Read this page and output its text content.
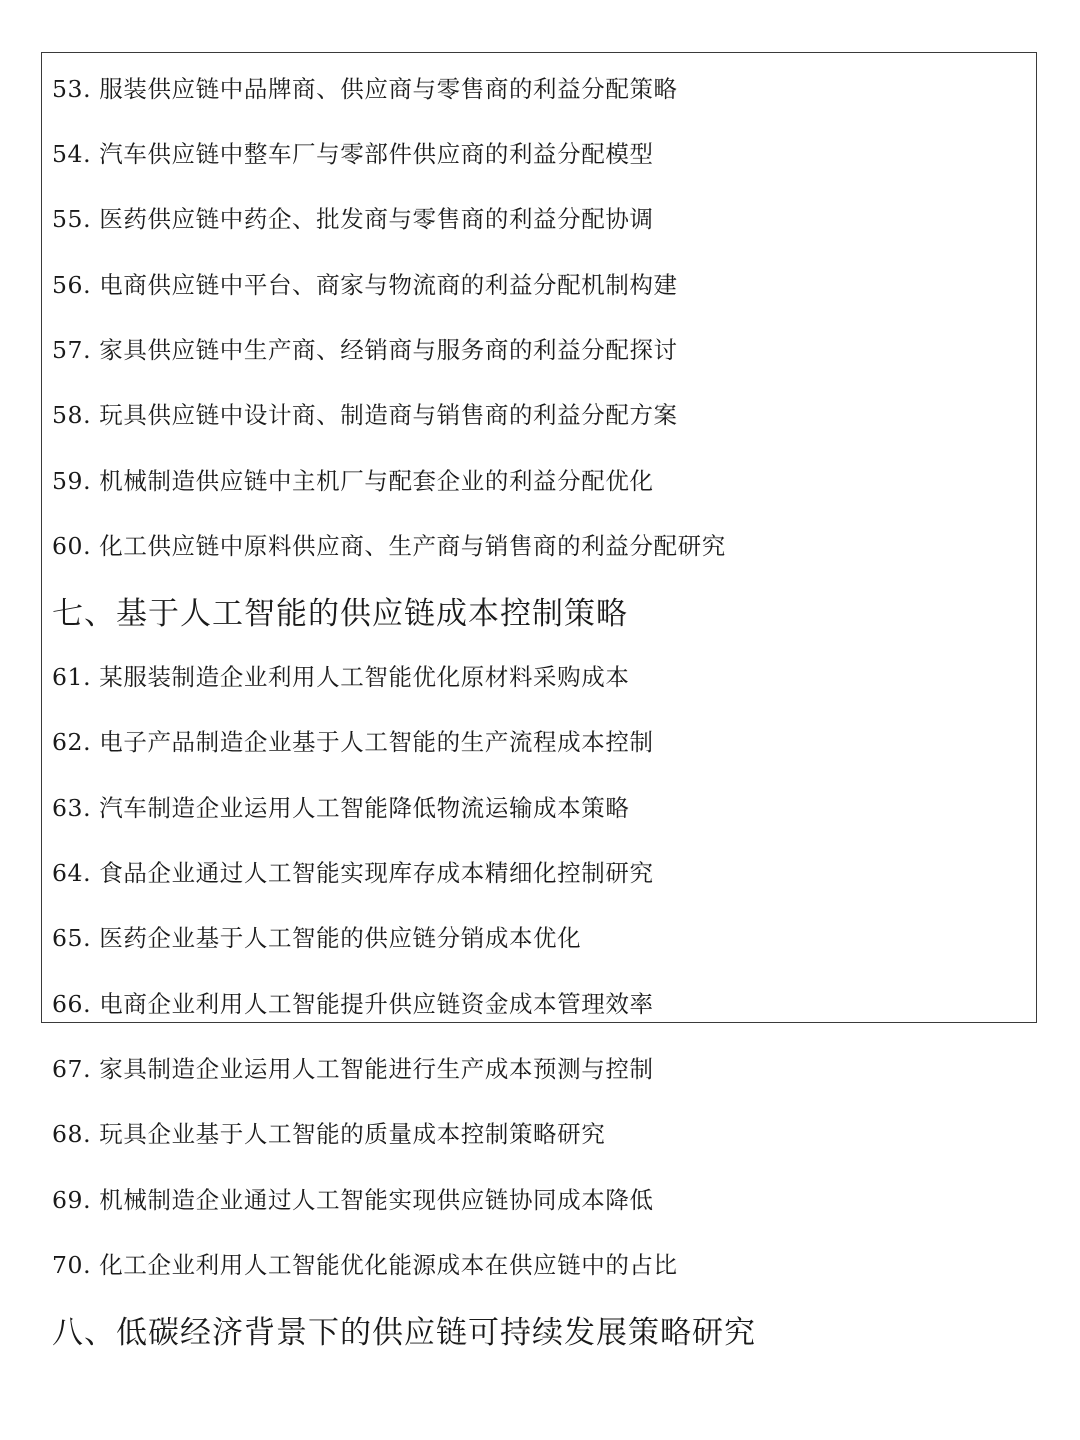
53. 服装供应链中品牌商、供应商与零售商的利益分配策略
54. 汽车供应链中整车厂与零部件供应商的利益分配模型
55. 医药供应链中药企、批发商与零售商的利益分配协调
56. 电商供应链中平台、商家与物流商的利益分配机制构建
57. 家具供应链中生产商、经销商与服务商的利益分配探讨
58. 玩具供应链中设计商、制造商与销售商的利益分配方案
59. 机械制造供应链中主机厂与配套企业的利益分配优化
60. 化工供应链中原料供应商、生产商与销售商的利益分配研究
七、基于人工智能的供应链成本控制策略
61. 某服装制造企业利用人工智能优化原材料采购成本
62. 电子产品制造企业基于人工智能的生产流程成本控制
63. 汽车制造企业运用人工智能降低物流运输成本策略
64. 食品企业通过人工智能实现库存成本精细化控制研究
65. 医药企业基于人工智能的供应链分销成本优化
66. 电商企业利用人工智能提升供应链资金成本管理效率
67. 家具制造企业运用人工智能进行生产成本预测与控制
68. 玩具企业基于人工智能的质量成本控制策略研究
69. 机械制造企业通过人工智能实现供应链协同成本降低
70. 化工企业利用人工智能优化能源成本在供应链中的占比
八、低碳经济背景下的供应链可持续发展策略研究
